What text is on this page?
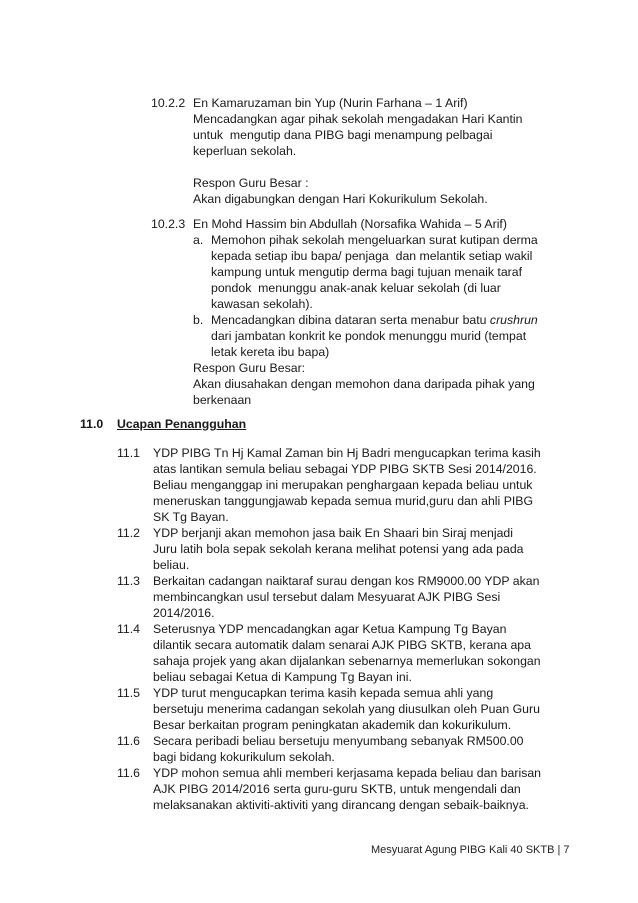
10.2.2 En Kamaruzaman bin Yup (Nurin Farhana – 1 Arif)
Mencadangkan agar pihak sekolah mengadakan Hari Kantin
untuk  mengutip dana PIBG bagi menampung pelbagai
keperluan sekolah.
Respon Guru Besar :
Akan digabungkan dengan Hari Kokurikulum Sekolah.
10.2.3 En Mohd Hassim bin Abdullah (Norsafika Wahida – 5 Arif)
a. Memohon pihak sekolah mengeluarkan surat kutipan derma
kepada setiap ibu bapa/ penjaga  dan melantik setiap wakil
kampung untuk mengutip derma bagi tujuan menaik taraf
pondok  menunggu anak-anak keluar sekolah (di luar
kawasan sekolah).
b. Mencadangkan dibina dataran serta menabur batu crushrun
dari jambatan konkrit ke pondok menunggu murid (tempat
letak kereta ibu bapa)
Respon Guru Besar:
Akan diusahakan dengan memohon dana daripada pihak yang
berkenaan
11.0 Ucapan Penangguhan
11.1 YDP PIBG Tn Hj Kamal Zaman bin Hj Badri mengucapkan terima kasih
atas lantikan semula beliau sebagai YDP PIBG SKTB Sesi 2014/2016.
Beliau menganggap ini merupakan penghargaan kepada beliau untuk
meneruskan tanggungjawab kepada semua murid,guru dan ahli PIBG
SK Tg Bayan.
11.2 YDP berjanji akan memohon jasa baik En Shaari bin Siraj menjadi
Juru latih bola sepak sekolah kerana melihat potensi yang ada pada
beliau.
11.3 Berkaitan cadangan naiktaraf surau dengan kos RM9000.00 YDP akan
membincangkan usul tersebut dalam Mesyuarat AJK PIBG Sesi
2014/2016.
11.4 Seterusnya YDP mencadangkan agar Ketua Kampung Tg Bayan
dilantik secara automatik dalam senarai AJK PIBG SKTB, kerana apa
sahaja projek yang akan dijalankan sebenarnya memerlukan sokongan
beliau sebagai Ketua di Kampung Tg Bayan ini.
11.5 YDP turut mengucapkan terima kasih kepada semua ahli yang
bersetuju menerima cadangan sekolah yang diusulkan oleh Puan Guru
Besar berkaitan program peningkatan akademik dan kokurikulum.
11.6 Secara peribadi beliau bersetuju menyumbang sebanyak RM500.00
bagi bidang kokurikulum sekolah.
11.6 YDP mohon semua ahli memberi kerjasama kepada beliau dan barisan
AJK PIBG 2014/2016 serta guru-guru SKTB, untuk mengendali dan
melaksanakan aktiviti-aktiviti yang dirancang dengan sebaik-baiknya.
Mesyuarat Agung PIBG Kali 40 SKTB | 7
